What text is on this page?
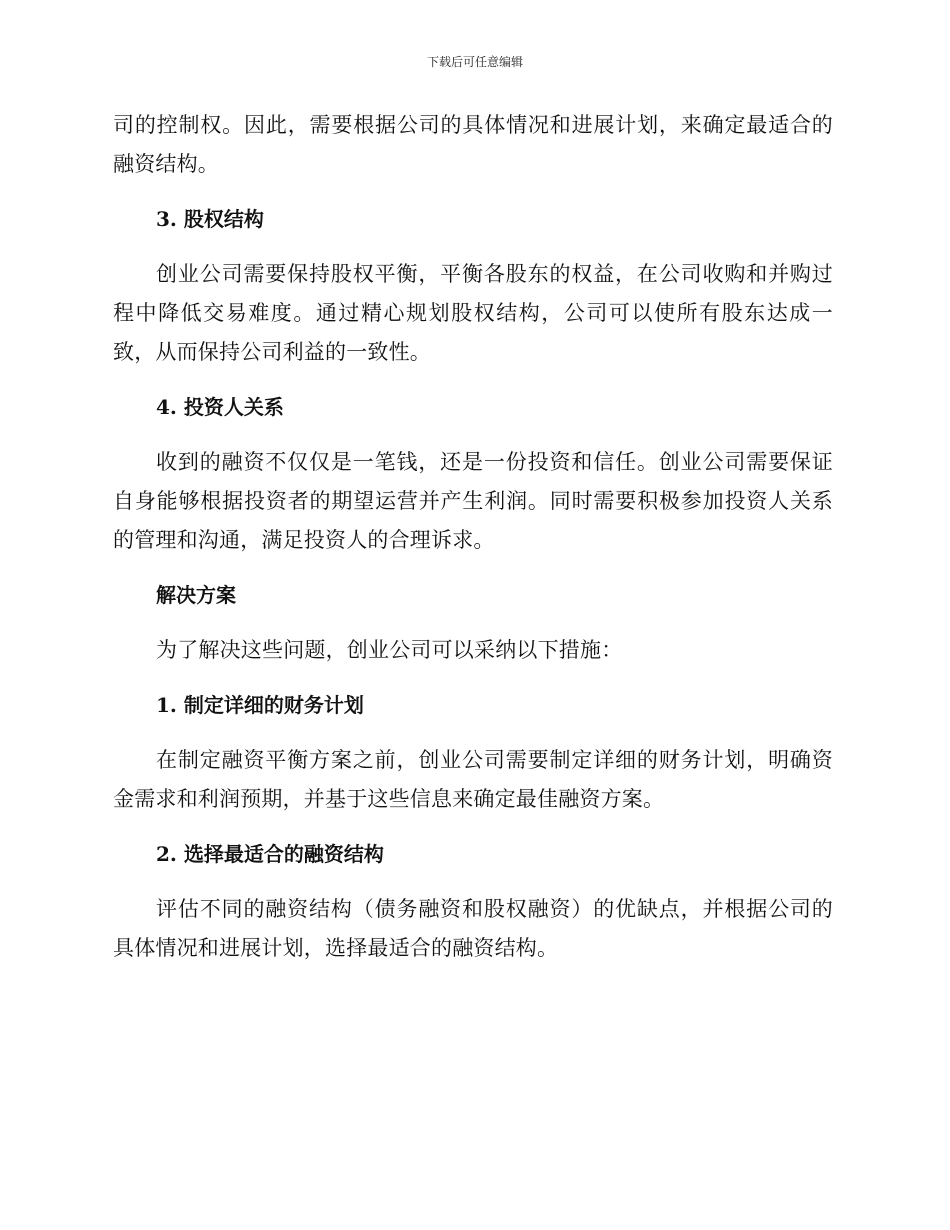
下载后可任意编辑

司的控制权。因此，需要根据公司的具体情况和进展计划，来确定最适合的融资结构。

3. 股权结构

创业公司需要保持股权平衡，平衡各股东的权益，在公司收购和并购过程中降低交易难度。通过精心规划股权结构，公司可以使所有股东达成一致，从而保持公司利益的一致性。

4. 投资人关系

收到的融资不仅仅是一笔钱，还是一份投资和信任。创业公司需要保证自身能够根据投资者的期望运营并产生利润。同时需要积极参加投资人关系的管理和沟通，满足投资人的合理诉求。

解决方案

为了解决这些问题，创业公司可以采纳以下措施：

1. 制定详细的财务计划

在制定融资平衡方案之前，创业公司需要制定详细的财务计划，明确资金需求和利润预期，并基于这些信息来确定最佳融资方案。

2. 选择最适合的融资结构

评估不同的融资结构（债务融资和股权融资）的优缺点，并根据公司的具体情况和进展计划，选择最适合的融资结构。
